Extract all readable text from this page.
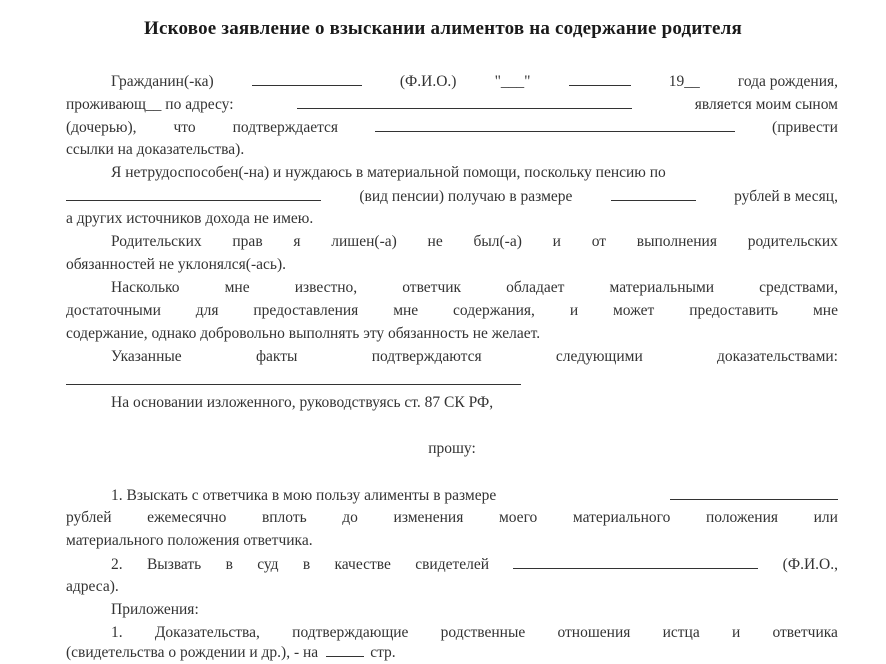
Исковое заявление о взыскании алиментов на содержание родителя
Гражданин(-ка)	(Ф.И.О.) "___"	19__ года рождения,
проживающ__ по адресу:	является моим сыном
(дочерью), что подтверждается	(привести
ссылки на доказательства).
Я нетрудоспособен(-на) и нуждаюсь в материальной помощи, поскольку пенсию по
(вид пенсии) получаю в размере	рублей в месяц,
а других источников дохода не имею.
Родительских прав я лишен(-а) не был(-а) и от выполнения родительских
обязанностей не уклонялся(-ась).
Насколько	мне	известно,	ответчик	обладает	материальными	средствами,
достаточными для предоставления мне содержания, и может предоставить мне
содержание, однако добровольно выполнять эту обязанность не желает.
Указанные	факты	подтверждаются	следующими	доказательствами:
На основании изложенного, руководствуясь ст. 87 СК РФ,
прошу:
1. Взыскать с ответчика в мою пользу алименты в размере
рублей ежемесячно вплоть до изменения моего материального положения или
материального положения ответчика.
2. Вызвать в суд в качестве свидетелей	(Ф.И.О.,
адреса).
Приложения:
1. Доказательства, подтверждающие родственные отношения истца и ответчика
(свидетельства о рождении и др.), - на	стр.
